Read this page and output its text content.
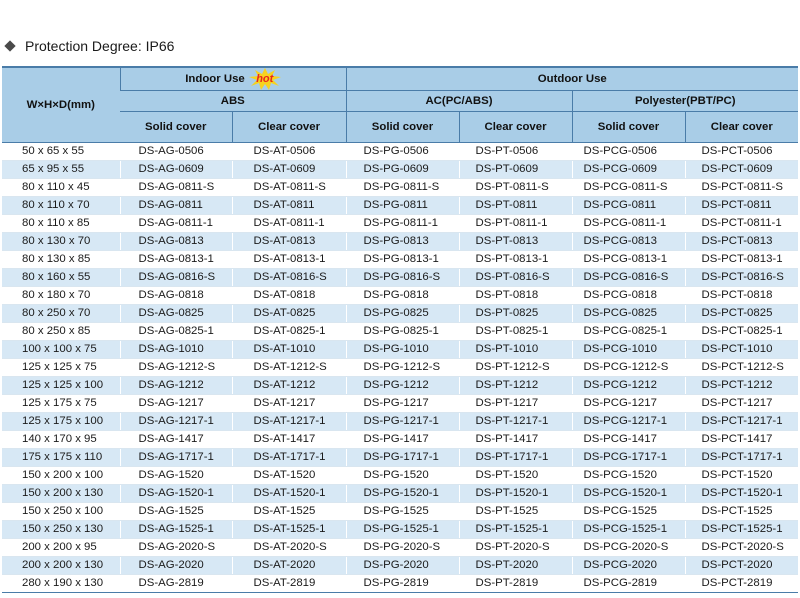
Protection Degree: IP66
W×H×D(mm)	Indoor Use hot		Outdoor Use			
	ABS		AC(PC/ABS)		Polyester(PBT/PC)	
	Solid cover	Clear cover	Solid cover	Clear cover	Solid cover	Clear cover
50 x 65 x 55	DS-AG-0506	DS-AT-0506	DS-PG-0506	DS-PT-0506	DS-PCG-0506	DS-PCT-0506
65 x 95 x 55	DS-AG-0609	DS-AT-0609	DS-PG-0609	DS-PT-0609	DS-PCG-0609	DS-PCT-0609
80 x 110 x 45	DS-AG-0811-S	DS-AT-0811-S	DS-PG-0811-S	DS-PT-0811-S	DS-PCG-0811-S	DS-PCT-0811-S
80 x 110 x 70	DS-AG-0811	DS-AT-0811	DS-PG-0811	DS-PT-0811	DS-PCG-0811	DS-PCT-0811
80 x 110 x 85	DS-AG-0811-1	DS-AT-0811-1	DS-PG-0811-1	DS-PT-0811-1	DS-PCG-0811-1	DS-PCT-0811-1
80 x 130 x 70	DS-AG-0813	DS-AT-0813	DS-PG-0813	DS-PT-0813	DS-PCG-0813	DS-PCT-0813
80 x 130 x 85	DS-AG-0813-1	DS-AT-0813-1	DS-PG-0813-1	DS-PT-0813-1	DS-PCG-0813-1	DS-PCT-0813-1
80 x 160 x 55	DS-AG-0816-S	DS-AT-0816-S	DS-PG-0816-S	DS-PT-0816-S	DS-PCG-0816-S	DS-PCT-0816-S
80 x 180 x 70	DS-AG-0818	DS-AT-0818	DS-PG-0818	DS-PT-0818	DS-PCG-0818	DS-PCT-0818
80 x 250 x 70	DS-AG-0825	DS-AT-0825	DS-PG-0825	DS-PT-0825	DS-PCG-0825	DS-PCT-0825
80 x 250 x 85	DS-AG-0825-1	DS-AT-0825-1	DS-PG-0825-1	DS-PT-0825-1	DS-PCG-0825-1	DS-PCT-0825-1
100 x 100 x 75	DS-AG-1010	DS-AT-1010	DS-PG-1010	DS-PT-1010	DS-PCG-1010	DS-PCT-1010
125 x 125 x 75	DS-AG-1212-S	DS-AT-1212-S	DS-PG-1212-S	DS-PT-1212-S	DS-PCG-1212-S	DS-PCT-1212-S
125 x 125 x 100	DS-AG-1212	DS-AT-1212	DS-PG-1212	DS-PT-1212	DS-PCG-1212	DS-PCT-1212
125 x 175 x 75	DS-AG-1217	DS-AT-1217	DS-PG-1217	DS-PT-1217	DS-PCG-1217	DS-PCT-1217
125 x 175 x 100	DS-AG-1217-1	DS-AT-1217-1	DS-PG-1217-1	DS-PT-1217-1	DS-PCG-1217-1	DS-PCT-1217-1
140 x 170 x 95	DS-AG-1417	DS-AT-1417	DS-PG-1417	DS-PT-1417	DS-PCG-1417	DS-PCT-1417
175 x 175 x 110	DS-AG-1717-1	DS-AT-1717-1	DS-PG-1717-1	DS-PT-1717-1	DS-PCG-1717-1	DS-PCT-1717-1
150 x 200 x 100	DS-AG-1520	DS-AT-1520	DS-PG-1520	DS-PT-1520	DS-PCG-1520	DS-PCT-1520
150 x 200 x 130	DS-AG-1520-1	DS-AT-1520-1	DS-PG-1520-1	DS-PT-1520-1	DS-PCG-1520-1	DS-PCT-1520-1
150 x 250 x 100	DS-AG-1525	DS-AT-1525	DS-PG-1525	DS-PT-1525	DS-PCG-1525	DS-PCT-1525
150 x 250 x 130	DS-AG-1525-1	DS-AT-1525-1	DS-PG-1525-1	DS-PT-1525-1	DS-PCG-1525-1	DS-PCT-1525-1
200 x 200 x 95	DS-AG-2020-S	DS-AT-2020-S	DS-PG-2020-S	DS-PT-2020-S	DS-PCG-2020-S	DS-PCT-2020-S
200 x 200 x 130	DS-AG-2020	DS-AT-2020	DS-PG-2020	DS-PT-2020	DS-PCG-2020	DS-PCT-2020
280 x 190 x 130	DS-AG-2819	DS-AT-2819	DS-PG-2819	DS-PT-2819	DS-PCG-2819	DS-PCT-2819
